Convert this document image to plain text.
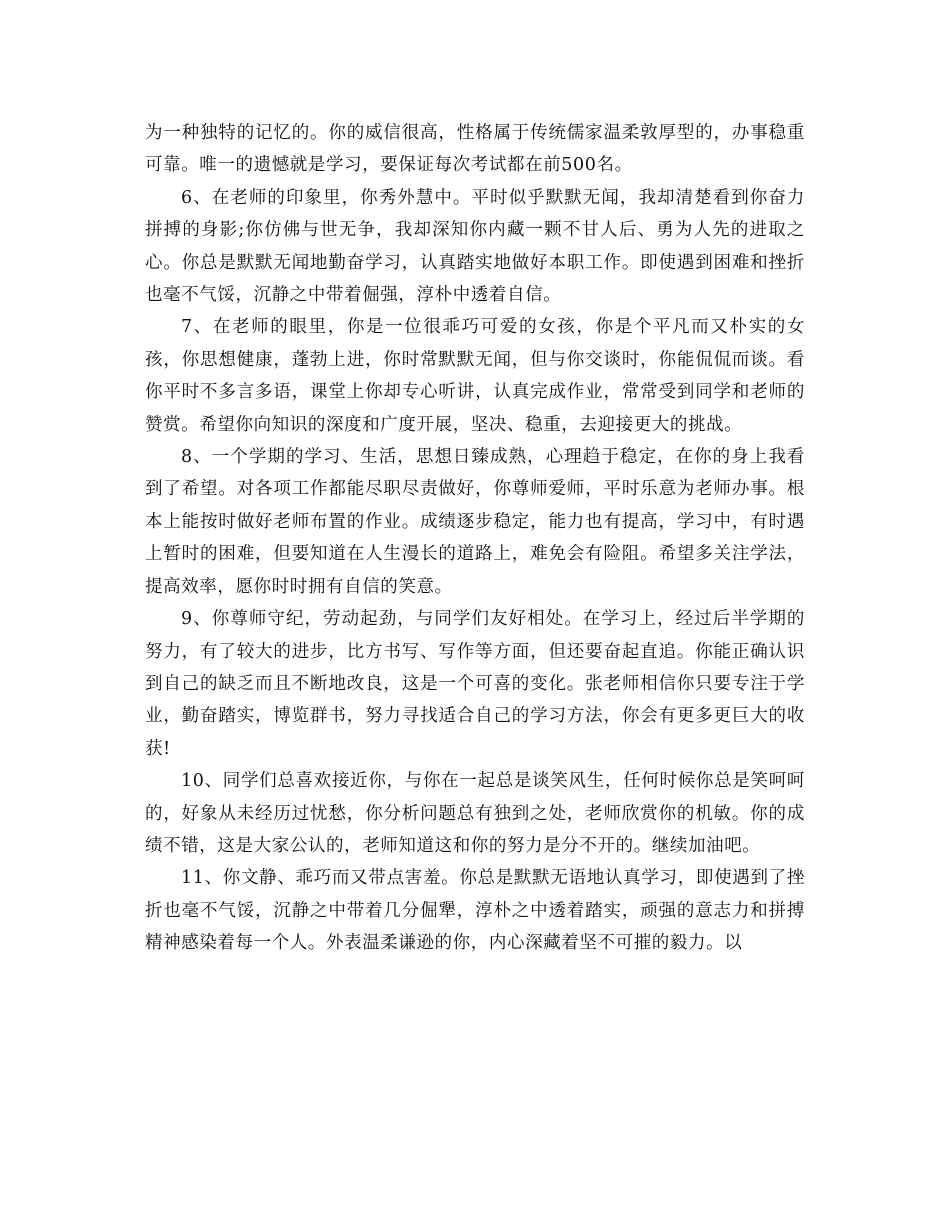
为一种独特的记忆的。你的威信很高，性格属于传统儒家温柔敦厚型的，办事稳重可靠。唯一的遗憾就是学习，要保证每次考试都在前500名。

6、在老师的印象里，你秀外慧中。平时似乎默默无闻，我却清楚看到你奋力拼搏的身影;你仿佛与世无争，我却深知你内藏一颗不甘人后、勇为人先的进取之心。你总是默默无闻地勤奋学习，认真踏实地做好本职工作。即使遇到困难和挫折也毫不气馁，沉静之中带着倔强，淳朴中透着自信。

7、在老师的眼里，你是一位很乖巧可爱的女孩，你是个平凡而又朴实的女孩，你思想健康，蓬勃上进，你时常默默无闻，但与你交谈时，你能侃侃而谈。看你平时不多言多语，课堂上你却专心听讲，认真完成作业，常常受到同学和老师的赞赏。希望你向知识的深度和广度开展，坚决、稳重，去迎接更大的挑战。

8、一个学期的学习、生活，思想日臻成熟，心理趋于稳定，在你的身上我看到了希望。对各项工作都能尽职尽责做好，你尊师爱师，平时乐意为老师办事。根本上能按时做好老师布置的作业。成绩逐步稳定，能力也有提高，学习中，有时遇上暂时的困难，但要知道在人生漫长的道路上，难免会有险阻。希望多关注学法，提高效率，愿你时时拥有自信的笑意。

9、你尊师守纪，劳动起劲，与同学们友好相处。在学习上，经过后半学期的努力，有了较大的进步，比方书写、写作等方面，但还要奋起直追。你能正确认识到自己的缺乏而且不断地改良，这是一个可喜的变化。张老师相信你只要专注于学业，勤奋踏实，博览群书，努力寻找适合自己的学习方法，你会有更多更巨大的收获!

10、同学们总喜欢接近你，与你在一起总是谈笑风生，任何时候你总是笑呵呵的，好象从未经历过忧愁，你分析问题总有独到之处，老师欣赏你的机敏。你的成绩不错，这是大家公认的，老师知道这和你的努力是分不开的。继续加油吧。

11、你文静、乖巧而又带点害羞。你总是默默无语地认真学习，即使遇到了挫折也毫不气馁，沉静之中带着几分倔犟，淳朴之中透着踏实，顽强的意志力和拼搏精神感染着每一个人。外表温柔谦逊的你，内心深藏着坚不可摧的毅力。以
